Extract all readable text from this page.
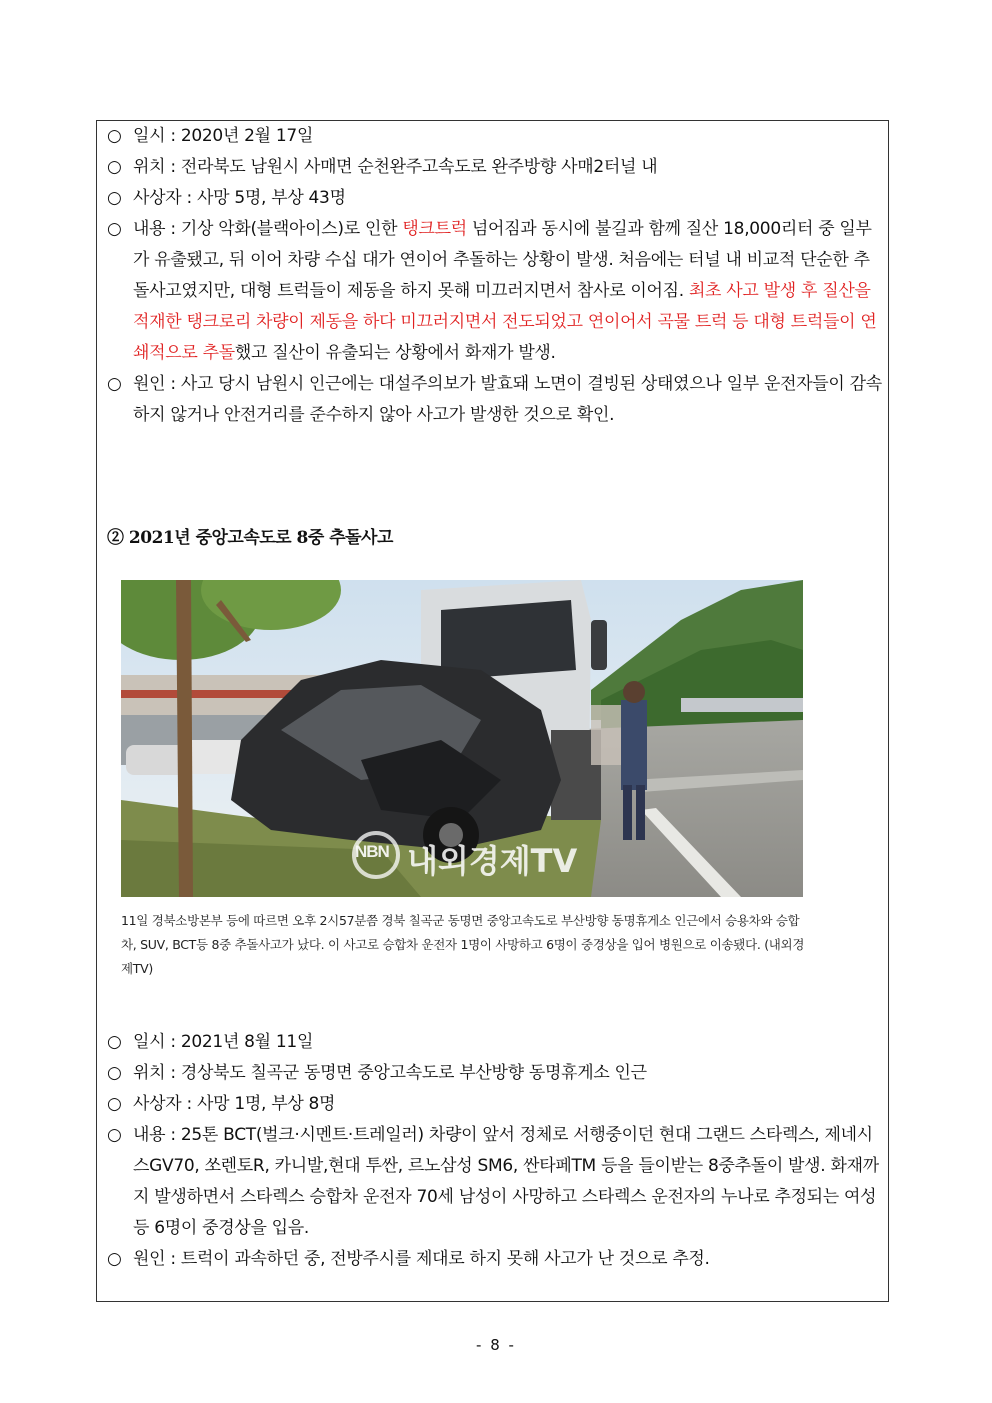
○ 일시 : 2020년 2월 17일
○ 위치 : 전라북도 남원시 사매면 순천완주고속도로 완주방향 사매2터널 내
○ 사상자 : 사망 5명, 부상 43명
○ 내용 : 기상 악화(블랙아이스)로 인한 탱크트럭 넘어짐과 동시에 불길과 함께 질산 18,000리터 중 일부가 유출됐고, 뒤 이어 차량 수십 대가 연이어 추돌하는 상황이 발생. 처음에는 터널 내 비교적 단순한 추돌사고였지만, 대형 트럭들이 제동을 하지 못해 미끄러지면서 참사로 이어짐. 최초 사고 발생 후 질산을 적재한 탱크로리 차량이 제동을 하다 미끄러지면서 전도되었고 연이어서 곡물 트럭 등 대형 트럭들이 연쇄적으로 추돌했고 질산이 유출되는 상황에서 화재가 발생.
○ 원인 : 사고 당시 남원시 인근에는 대설주의보가 발효돼 노면이 결빙된 상태였으나 일부 운전자들이 감속하지 않거나 안전거리를 준수하지 않아 사고가 발생한 것으로 확인.
② 2021년 중앙고속도로 8중 추돌사고
NBN 내외경제TV
11일 경북소방본부 등에 따르면 오후 2시57분쯤 경북 칠곡군 동명면 중앙고속도로 부산방향 동명휴게소 인근에서 승용차와 승합차, SUV, BCT등 8중 추돌사고가 났다. 이 사고로 승합차 운전자 1명이 사망하고 6명이 중경상을 입어 병원으로 이송됐다. (내외경제TV)
○ 일시 : 2021년 8월 11일
○ 위치 : 경상북도 칠곡군 동명면 중앙고속도로 부산방향 동명휴게소 인근
○ 사상자 : 사망 1명, 부상 8명
○ 내용 : 25톤 BCT(벌크·시멘트·트레일러) 차량이 앞서 정체로 서행중이던 현대 그랜드 스타렉스, 제네시스GV70, 쏘렌토R, 카니발,현대 투싼, 르노삼성 SM6, 싼타페TM 등을 들이받는 8중추돌이 발생. 화재까지 발생하면서 스타렉스 승합차 운전자 70세 남성이 사망하고 스타렉스 운전자의 누나로 추정되는 여성 등 6명이 중경상을 입음.
○ 원인 : 트럭이 과속하던 중, 전방주시를 제대로 하지 못해 사고가 난 것으로 추정.
- 8 -
